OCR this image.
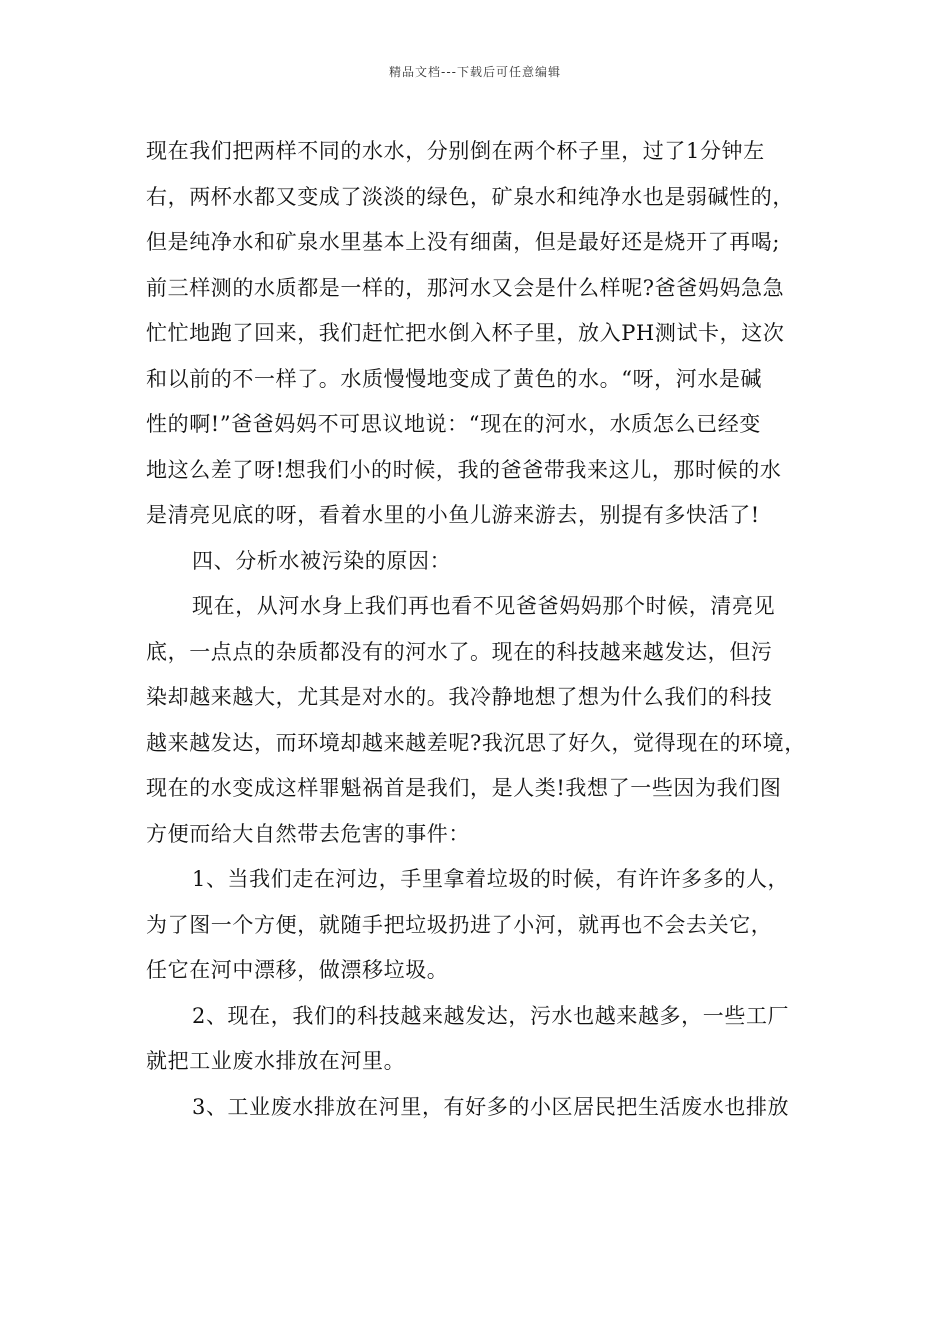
精品文档---下载后可任意编辑
现在我们把两样不同的水水，分别倒在两个杯子里，过了1分钟左
右，两杯水都又变成了淡淡的绿色，矿泉水和纯净水也是弱碱性的，
但是纯净水和矿泉水里基本上没有细菌，但是最好还是烧开了再喝;
前三样测的水质都是一样的，那河水又会是什么样呢?爸爸妈妈急急
忙忙地跑了回来，我们赶忙把水倒入杯子里，放入PH测试卡，这次
和以前的不一样了。水质慢慢地变成了黄色的水。“呀，河水是碱
性的啊!”爸爸妈妈不可思议地说：“现在的河水，水质怎么已经变
地这么差了呀!想我们小的时候，我的爸爸带我来这儿，那时候的水
是清亮见底的呀，看着水里的小鱼儿游来游去，别提有多快活了!
四、分析水被污染的原因：
现在，从河水身上我们再也看不见爸爸妈妈那个时候，清亮见
底，一点点的杂质都没有的河水了。现在的科技越来越发达，但污
染却越来越大，尤其是对水的。我冷静地想了想为什么我们的科技
越来越发达，而环境却越来越差呢?我沉思了好久，觉得现在的环境，
现在的水变成这样罪魁祸首是我们，是人类!我想了一些因为我们图
方便而给大自然带去危害的事件：
1、当我们走在河边，手里拿着垃圾的时候，有许许多多的人，
为了图一个方便，就随手把垃圾扔进了小河，就再也不会去关它，
任它在河中漂移，做漂移垃圾。
2、现在，我们的科技越来越发达，污水也越来越多，一些工厂
就把工业废水排放在河里。
3、工业废水排放在河里，有好多的小区居民把生活废水也排放
